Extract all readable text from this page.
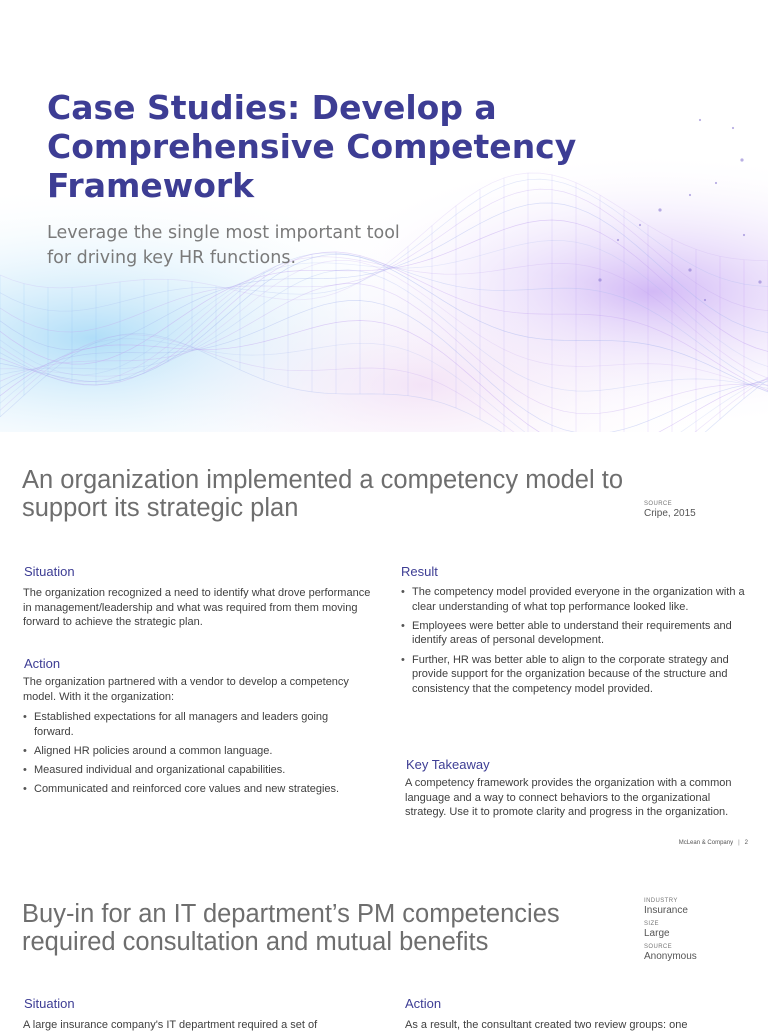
Case Studies: Develop a Comprehensive Competency Framework
Leverage the single most important tool for driving key HR functions.
An organization implemented a competency model to support its strategic plan	SOURCE
Cripe, 2015
Situation
The organization recognized a need to identify what drove performance in management/leadership and what was required from them moving forward to achieve the strategic plan.
Action
The organization partnered with a vendor to develop a competency model. With it the organization:
• Established expectations for all managers and leaders going forward.
• Aligned HR policies around a common language.
• Measured individual and organizational capabilities.
• Communicated and reinforced core values and new strategies.
Result
• The competency model provided everyone in the organization with a clear understanding of what top performance looked like.
• Employees were better able to understand their requirements and identify areas of personal development.
• Further, HR was better able to align to the corporate strategy and provide support for the organization because of the structure and consistency that the competency model provided.
Key Takeaway
A competency framework provides the organization with a common language and a way to connect behaviors to the organizational strategy. Use it to promote clarity and progress in the organization.
McLean & Company | 2
Buy-in for an IT department’s PM competencies required consultation and mutual benefits
INDUSTRY
Insurance
SIZE
Large
SOURCE
Anonymous
Situation
A large insurance company's IT department required a set of
Action
As a result, the consultant created two review groups: one
